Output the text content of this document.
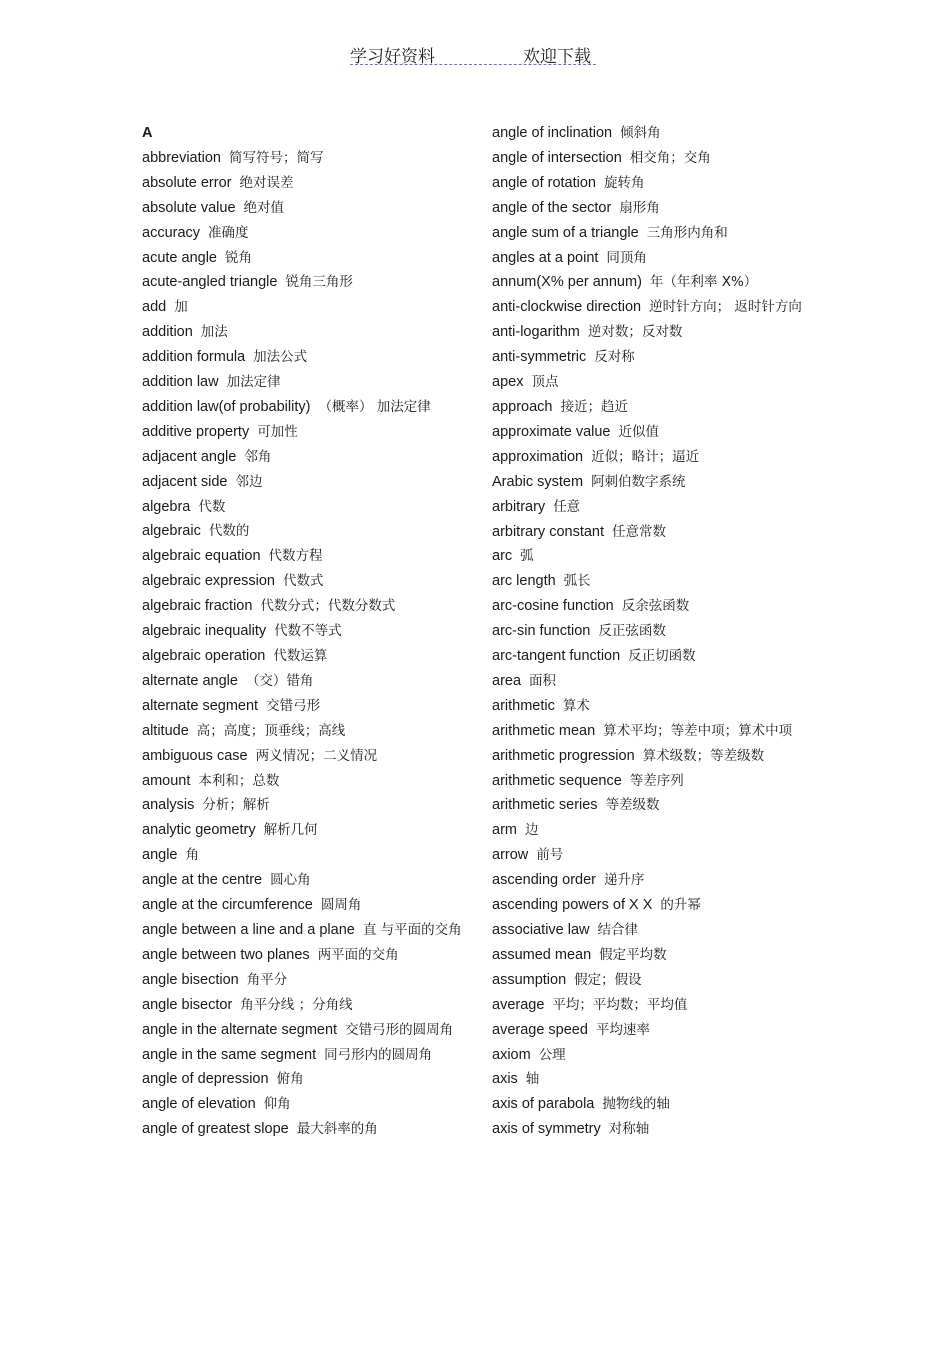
学习好资料	欢迎下载
A
abbreviation 简写符号；简写
absolute error 绝对误差
absolute value 绝对值
accuracy 准确度
acute angle 锐角
acute-angled triangle 锐角三角形
add 加
addition 加法
addition formula 加法公式
addition law 加法定律
addition law(of probability) （概率） 加法定律
additive property 可加性
adjacent angle 邻角
adjacent side 邻边
algebra 代数
algebraic 代数的
algebraic equation 代数方程
algebraic expression 代数式
algebraic fraction 代数分式；代数分数式
algebraic inequality 代数不等式
algebraic operation 代数运算
alternate angle （交）错角
alternate segment 交错弓形
altitude 高；高度；顶垂线；高线
ambiguous case 两义情况；二义情况
amount 本利和；总数
analysis 分析；解析
analytic geometry 解析几何
angle 角
angle at the centre 圆心角
angle at the circumference 圆周角
angle between a line and a plane 直 与平面的交角
angle between two planes 两平面的交角
angle bisection 角平分
angle bisector 角平分线 ；分角线
angle in the alternate segment 交错弓形的圆周角
angle in the same segment 同弓形内的圆周角
angle of depression 俯角
angle of elevation 仰角
angle of greatest slope 最大斜率的角
angle of inclination 倾斜角
angle of intersection 相交角；交角
angle of rotation 旋转角
angle of the sector 扇形角
angle sum of a triangle 三角形内角和
angles at a point 同顶角
annum(X% per annum) 年（年利率 X%）
anti-clockwise direction 逆时针方向； 返时针方向
anti-logarithm 逆对数；反对数
anti-symmetric 反对称
apex 顶点
approach 接近；趋近
approximate value 近似值
approximation 近似；略计；逼近
Arabic system 阿刺伯数字系统
arbitrary 任意
arbitrary constant 任意常数
arc 弧
arc length 弧长
arc-cosine function 反余弦函数
arc-sin function 反正弦函数
arc-tangent function 反正切函数
area 面积
arithmetic 算术
arithmetic mean 算术平均；等差中项；算术中项
arithmetic progression 算术级数；等差级数
arithmetic sequence 等差序列
arithmetic series 等差级数
arm 边
arrow 前号
ascending order 递升序
ascending powers of X X 的升幂
associative law 结合律
assumed mean 假定平均数
assumption 假定；假设
average 平均；平均数；平均值
average speed 平均速率
axiom 公理
axis 轴
axis of parabola 抛物线的轴
axis of symmetry 对称轴
